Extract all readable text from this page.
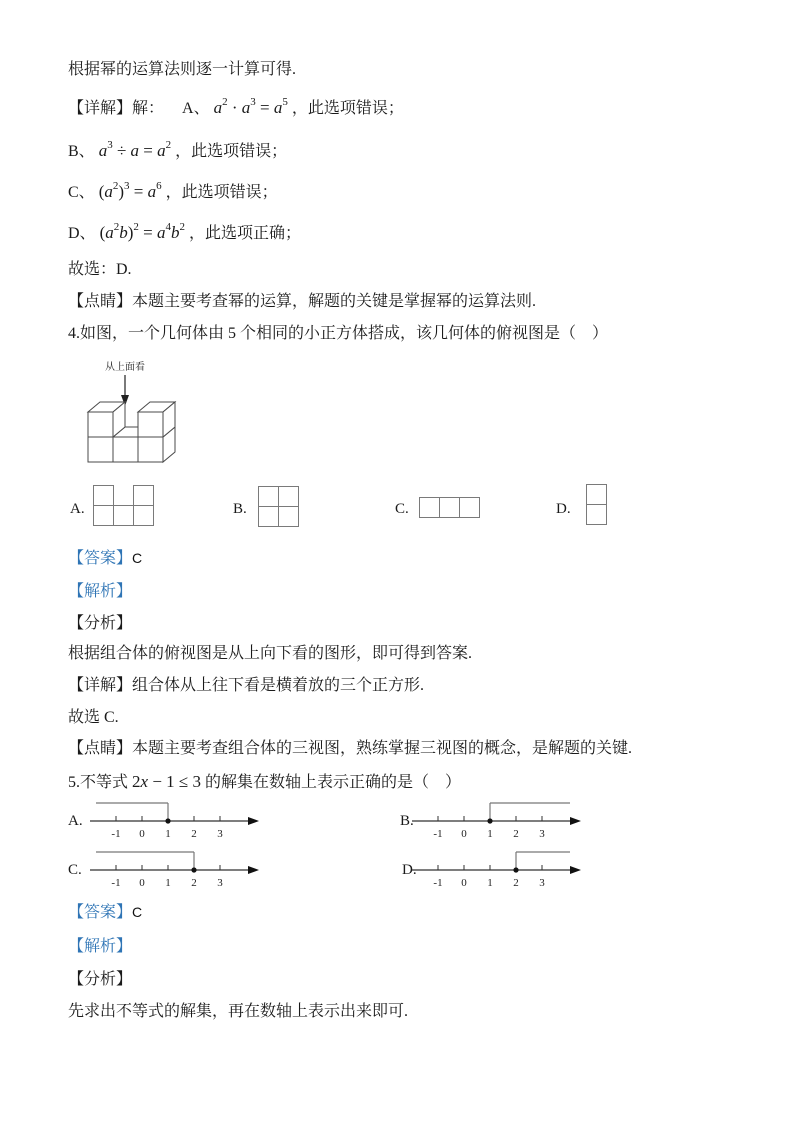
根据幂的运算法则逐一计算可得.
【详解】解： A、 $a^2 \cdot a^3 = a^5$ ，此选项错误；
B、 $a^3 \div a = a^2$ ，此选项错误；
C、 $(a^2)^3 = a^6$ ，此选项错误；
D、 $(a^2b)^2 = a^4b^2$ ，此选项正确；
故选：D.
【点睛】本题主要考查幂的运算，解题的关键是掌握幂的运算法则.
4.如图，一个几何体由 5 个相同的小正方体搭成，该几何体的俯视图是（　）
从上面看
A.	B.	C.	D.
【答案】C
【解析】
【分析】
根据组合体的俯视图是从上向下看的图形，即可得到答案.
【详解】组合体从上往下看是横着放的三个正方形.
故选 C.
【点睛】本题主要考查组合体的三视图，熟练掌握三视图的概念，是解题的关键.
5.不等式 2x − 1 ≤ 3 的解集在数轴上表示正确的是（　）
A.
-1 0 1 2 3
B.
-1 0 1 2 3
C.
-1 0 1 2 3
D.
-1 0 1 2 3
【答案】C
【解析】
【分析】
先求出不等式的解集，再在数轴上表示出来即可.
